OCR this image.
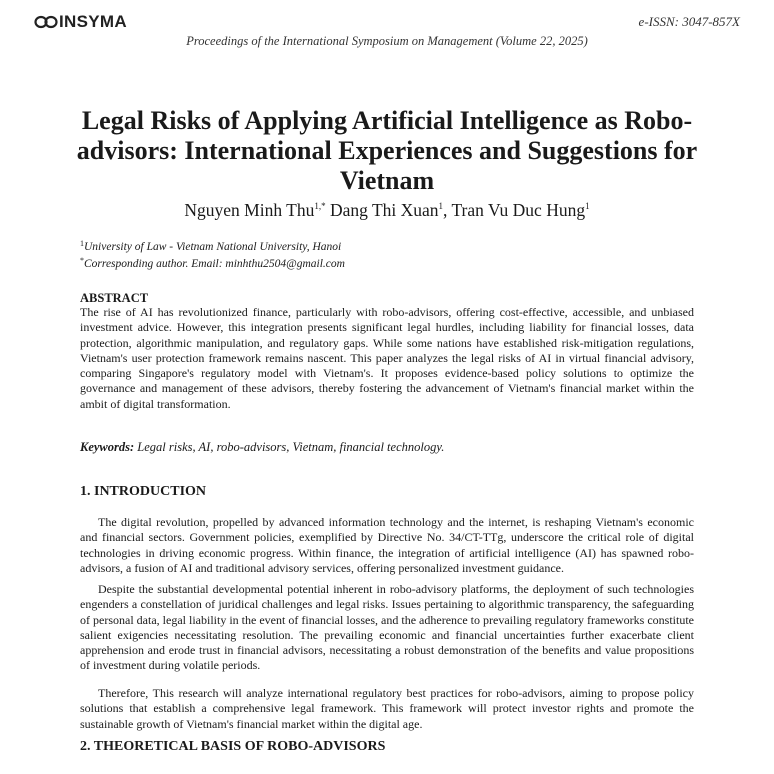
INSYMA	e-ISSN: 3047-857X
Proceedings of the International Symposium on Management (Volume 22, 2025)
Legal Risks of Applying Artificial Intelligence as Robo-advisors: International Experiences and Suggestions for Vietnam
Nguyen Minh Thu$^{1,*}$ Dang Thi Xuan$^1$, Tran Vu Duc Hung$^1$
$^1$University of Law - Vietnam National University, Hanoi
*Corresponding author. Email: minhthu2504@gmail.com
ABSTRACT

The rise of AI has revolutionized finance, particularly with robo-advisors, offering cost-effective, accessible, and unbiased investment advice. However, this integration presents significant legal hurdles, including liability for financial losses, data protection, algorithmic manipulation, and regulatory gaps. While some nations have established risk-mitigation regulations, Vietnam's user protection framework remains nascent. This paper analyzes the legal risks of AI in virtual financial advisory, comparing Singapore's regulatory model with Vietnam's. It proposes evidence-based policy solutions to optimize the governance and management of these advisors, thereby fostering the advancement of Vietnam's financial market within the ambit of digital transformation.

Keywords: Legal risks, AI, robo-advisors, Vietnam, financial technology.
1. INTRODUCTION

The digital revolution, propelled by advanced information technology and the internet, is reshaping Vietnam's economic and financial sectors. Government policies, exemplified by Directive No. 34/CT-TTg, underscore the critical role of digital technologies in driving economic progress. Within finance, the integration of artificial intelligence (AI) has spawned robo-advisors, a fusion of AI and traditional advisory services, offering personalized investment guidance.

Despite the substantial developmental potential inherent in robo-advisory platforms, the deployment of such technologies engenders a constellation of juridical challenges and legal risks. Issues pertaining to algorithmic transparency, the safeguarding of personal data, legal liability in the event of financial losses, and the adherence to prevailing regulatory frameworks constitute salient exigencies necessitating resolution. The prevailing economic and financial uncertainties further exacerbate client apprehension and erode trust in financial advisors, necessitating a robust demonstration of the benefits and value propositions of investment during volatile periods.

Therefore, This research will analyze international regulatory best practices for robo-advisors, aiming to propose policy solutions that establish a comprehensive legal framework. This framework will protect investor rights and promote the sustainable growth of Vietnam's financial market within the digital age.

2. THEORETICAL BASIS OF ROBO-ADVISORS
